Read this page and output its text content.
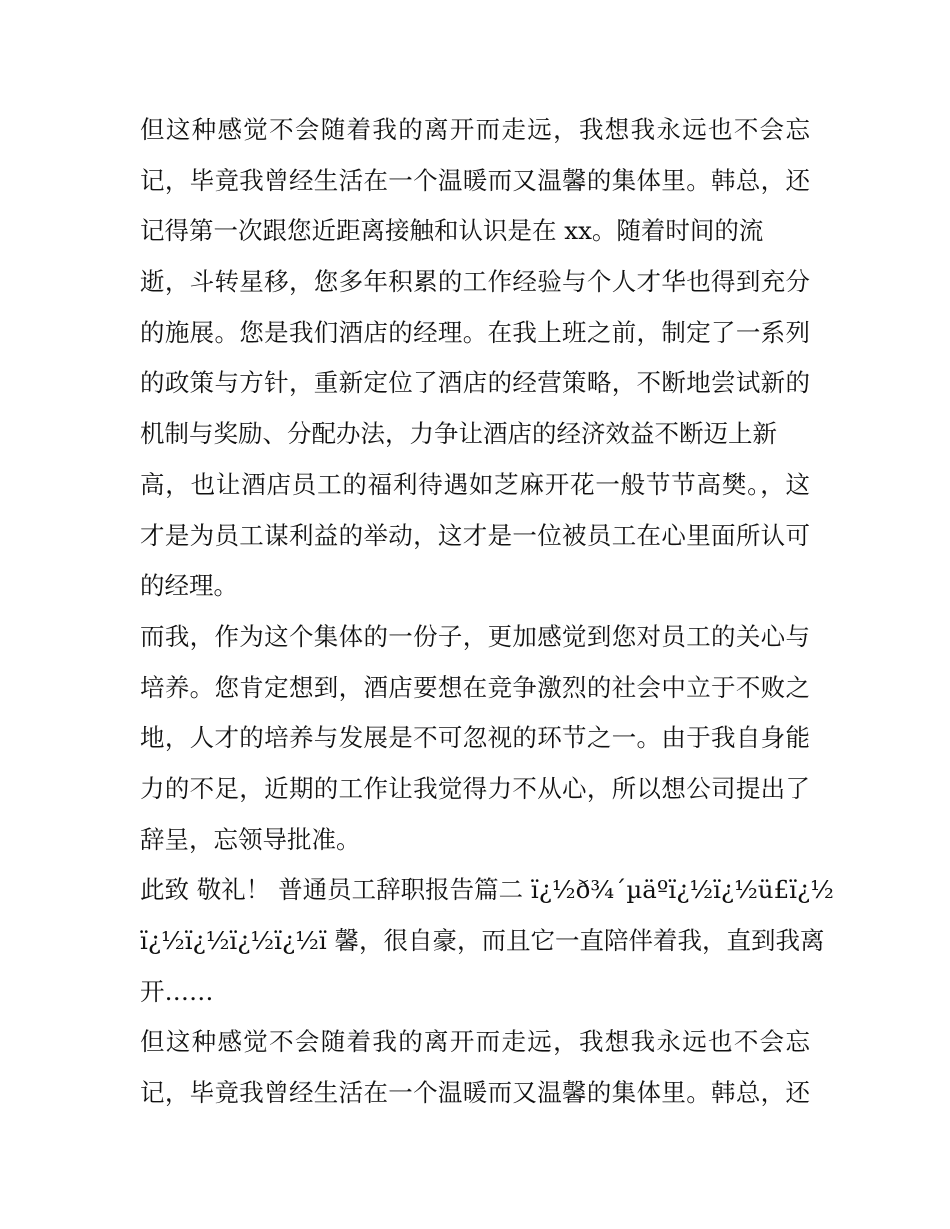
但这种感觉不会随着我的离开而走远，我想我永远也不会忘
记，毕竟我曾经生活在一个温暖而又温馨的集体里。韩总，还
记得第一次跟您近距离接触和认识是在 xx。随着时间的流
逝，斗转星移，您多年积累的工作经验与个人才华也得到充分
的施展。您是我们酒店的经理。在我上班之前，制定了一系列
的政策与方针，重新定位了酒店的经营策略，不断地尝试新的
机制与奖励、分配办法，力争让酒店的经济效益不断迈上新
高，也让酒店员工的福利待遇如芝麻开花一般节节高樊。，这
才是为员工谋利益的举动，这才是一位被员工在心里面所认可
的经理。
而我，作为这个集体的一份子，更加感觉到您对员工的关心与
培养。您肯定想到，酒店要想在竞争激烈的社会中立于不败之
地，人才的培养与发展是不可忽视的环节之一。由于我自身能
力的不足，近期的工作让我觉得力不从心，所以想公司提出了
辞呈，忘领导批准。
此致 敬礼！ 普通员工辞职报告篇二 ï¿½ð¾´µäºï¿½ï¿½ü£ï¿½
ï¿½ï¿½ï¿½ï¿½ï 馨，很自豪，而且它一直陪伴着我，直到我离
开……
但这种感觉不会随着我的离开而走远，我想我永远也不会忘
记，毕竟我曾经生活在一个温暖而又温馨的集体里。韩总，还
